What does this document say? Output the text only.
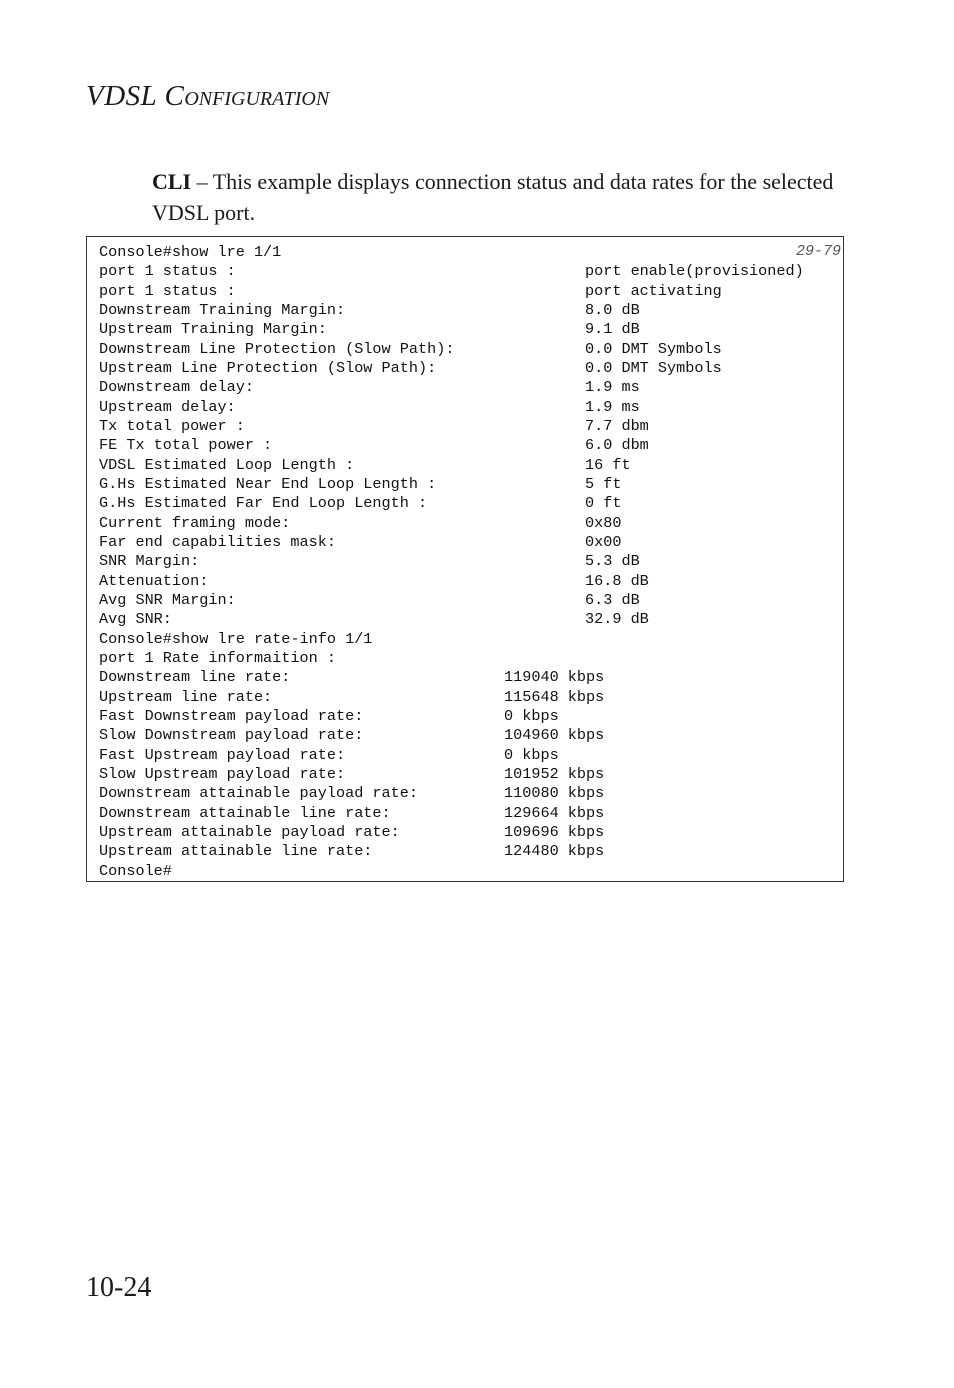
VDSL CONFIGURATION
CLI – This example displays connection status and data rates for the selected VDSL port.
29-79
Console#show lre 1/1
port 1 status :	port enable(provisioned)
port 1 status :	port activating
Downstream Training Margin:	8.0 dB
Upstream Training Margin:	9.1 dB
Downstream Line Protection (Slow Path):	0.0 DMT Symbols
Upstream Line Protection (Slow Path):	0.0 DMT Symbols
Downstream delay:	1.9 ms
Upstream delay:	1.9 ms
Tx total power :	7.7 dbm
FE Tx total power :	6.0 dbm
VDSL Estimated Loop Length :	16 ft
G.Hs Estimated Near End Loop Length :	5 ft
G.Hs Estimated Far End Loop Length :	0 ft
Current framing mode:	0x80
Far end capabilities mask:	0x00
SNR Margin:	5.3 dB
Attenuation:	16.8 dB
Avg SNR Margin:	6.3 dB
Avg SNR:	32.9 dB
Console#show lre rate-info 1/1
port 1 Rate informaition :
Downstream line rate:	119040 kbps
Upstream line rate:	115648 kbps
Fast Downstream payload rate:	0 kbps
Slow Downstream payload rate:	104960 kbps
Fast Upstream payload rate:	0 kbps
Slow Upstream payload rate:	101952 kbps
Downstream attainable payload rate:	110080 kbps
Downstream attainable line rate:	129664 kbps
Upstream attainable payload rate:	109696 kbps
Upstream attainable line rate:	124480 kbps
Console#
10-24
